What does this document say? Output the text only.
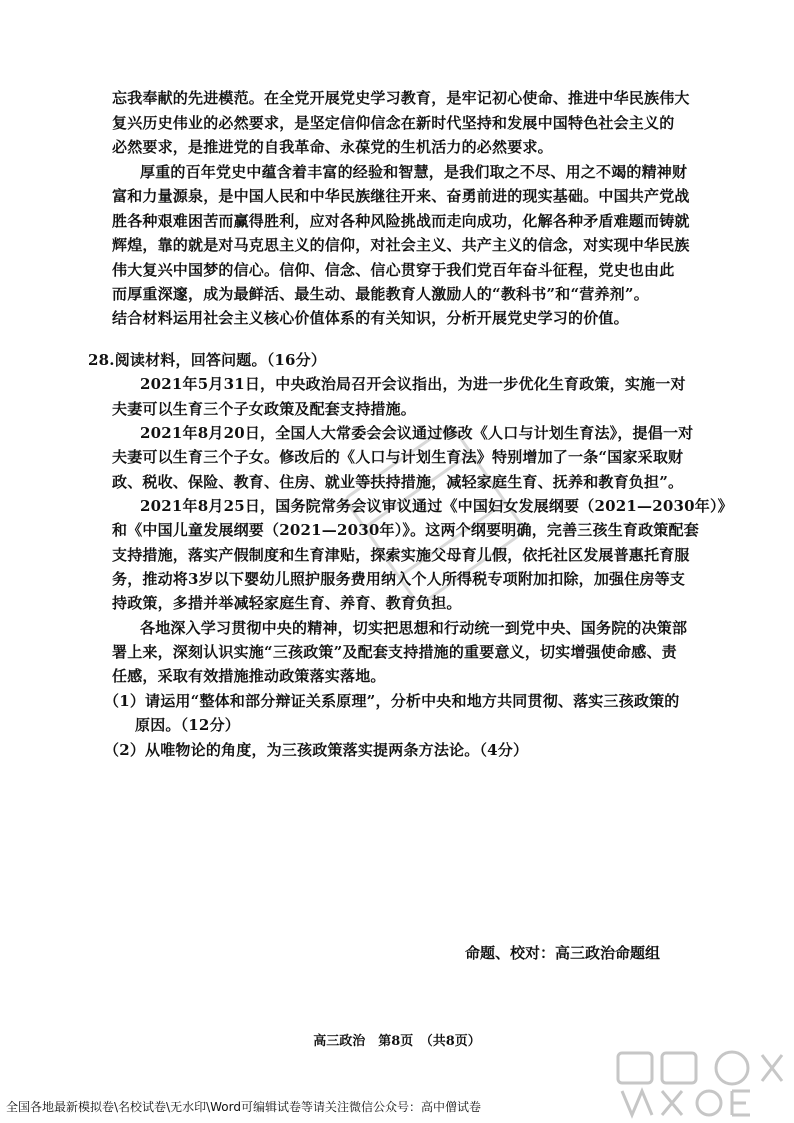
忘我奉献的先进模范。在全党开展党史学习教育，是牢记初心使命、推进中华民族伟大
复兴历史伟业的必然要求，是坚定信仰信念在新时代坚持和发展中国特色社会主义的
必然要求，是推进党的自我革命、永葆党的生机活力的必然要求。
厚重的百年党史中蕴含着丰富的经验和智慧，是我们取之不尽、用之不竭的精神财
富和力量源泉，是中国人民和中华民族继往开来、奋勇前进的现实基础。中国共产党战
胜各种艰难困苦而赢得胜利，应对各种风险挑战而走向成功，化解各种矛盾难题而铸就
辉煌，靠的就是对马克思主义的信仰，对社会主义、共产主义的信念，对实现中华民族
伟大复兴中国梦的信心。信仰、信念、信心贯穿于我们党百年奋斗征程，党史也由此
而厚重深邃，成为最鲜活、最生动、最能教育人激励人的“教科书”和“营养剂”。
结合材料运用社会主义核心价值体系的有关知识，分析开展党史学习的价值。
28.阅读材料，回答问题。（16分）
2021年5月31日，中央政治局召开会议指出，为进一步优化生育政策，实施一对
夫妻可以生育三个子女政策及配套支持措施。
2021年8月20日，全国人大常委会会议通过修改《人口与计划生育法》，提倡一对
夫妻可以生育三个子女。修改后的《人口与计划生育法》特别增加了一条“国家采取财
政、税收、保险、教育、住房、就业等扶持措施，减轻家庭生育、抚养和教育负担”。
2021年8月25日，国务院常务会议审议通过《中国妇女发展纲要（2021—2030年）》
和《中国儿童发展纲要（2021—2030年）》。这两个纲要明确，完善三孩生育政策配套
支持措施，落实产假制度和生育津贴，探索实施父母育儿假，依托社区发展普惠托育服
务，推动将3岁以下婴幼儿照护服务费用纳入个人所得税专项附加扣除，加强住房等支
持政策，多措并举减轻家庭生育、养育、教育负担。
各地深入学习贯彻中央的精神，切实把思想和行动统一到党中央、国务院的决策部
署上来，深刻认识实施“三孩政策”及配套支持措施的重要意义，切实增强使命感、责
任感，采取有效措施推动政策落实落地。
（1）请运用“整体和部分辩证关系原理”，分析中央和地方共同贯彻、落实三孩政策的
原因。（12分）
（2）从唯物论的角度，为三孩政策落实提两条方法论。（4分）
命题、校对：高三政治命题组
高三政治　第8页　（共8页）
全国各地最新模拟卷\名校试卷\无水印\Word可编辑试卷等请关注微信公众号：高中僧试卷
